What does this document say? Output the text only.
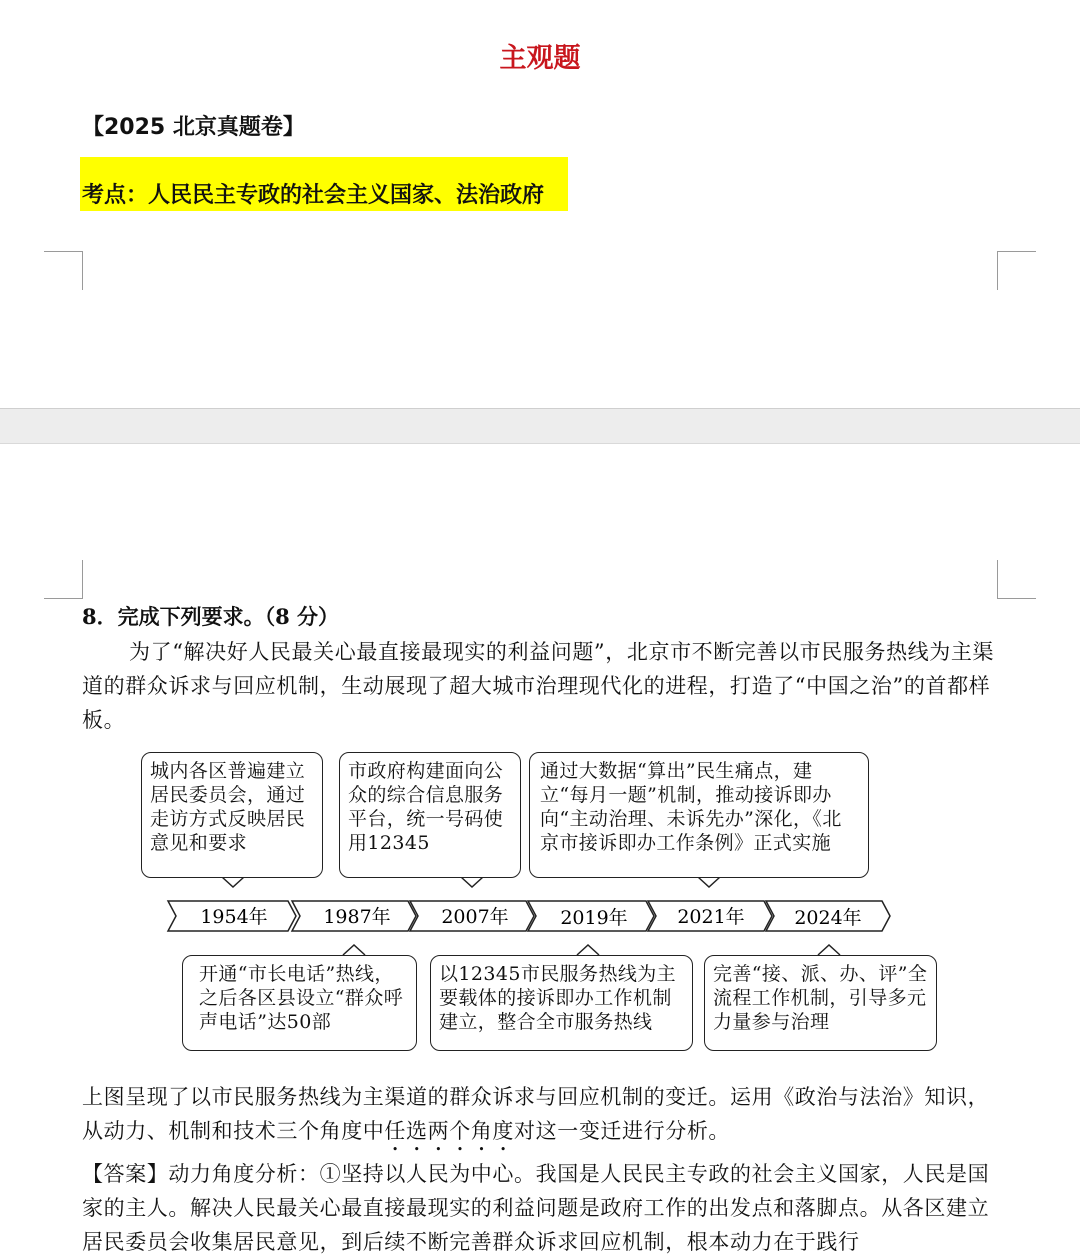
主观题
【2025 北京真题卷】
考点：人民民主专政的社会主义国家、法治政府
8．完成下列要求。（8 分）
为了“解决好人民最关心最直接最现实的利益问题”，北京市不断完善以市民服务热线为主渠道的群众诉求与回应机制，生动展现了超大城市治理现代化的进程，打造了“中国之治”的首都样板。
1954年	1987年	2007年	2019年	2021年	2024年
城内各区普遍建立居民委员会，通过走访方式反映居民意见和要求
市政府构建面向公众的综合信息服务平台，统一号码使用12345
通过大数据“算出”民生痛点，建立“每月一题”机制，推动接诉即办向“主动治理、未诉先办”深化，《北京市接诉即办工作条例》正式实施
开通“市长电话”热线，之后各区县设立“群众呼声电话”达50部
以12345市民服务热线为主要载体的接诉即办工作机制建立，整合全市服务热线
完善“接、派、办、评”全流程工作机制，引导多元力量参与治理
上图呈现了以市民服务热线为主渠道的群众诉求与回应机制的变迁。运用《政治与法治》知识，从动力、机制和技术三个角度中任选两个角度对这一变迁进行分析。
【答案】动力角度分析：①坚持以人民为中心。我国是人民民主专政的社会主义国家，人民是国家的主人。解决人民最关心最直接最现实的利益问题是政府工作的出发点和落脚点。从各区建立居民委员会收集居民意见，到后续不断完善群众诉求回应机制，根本动力在于践行
